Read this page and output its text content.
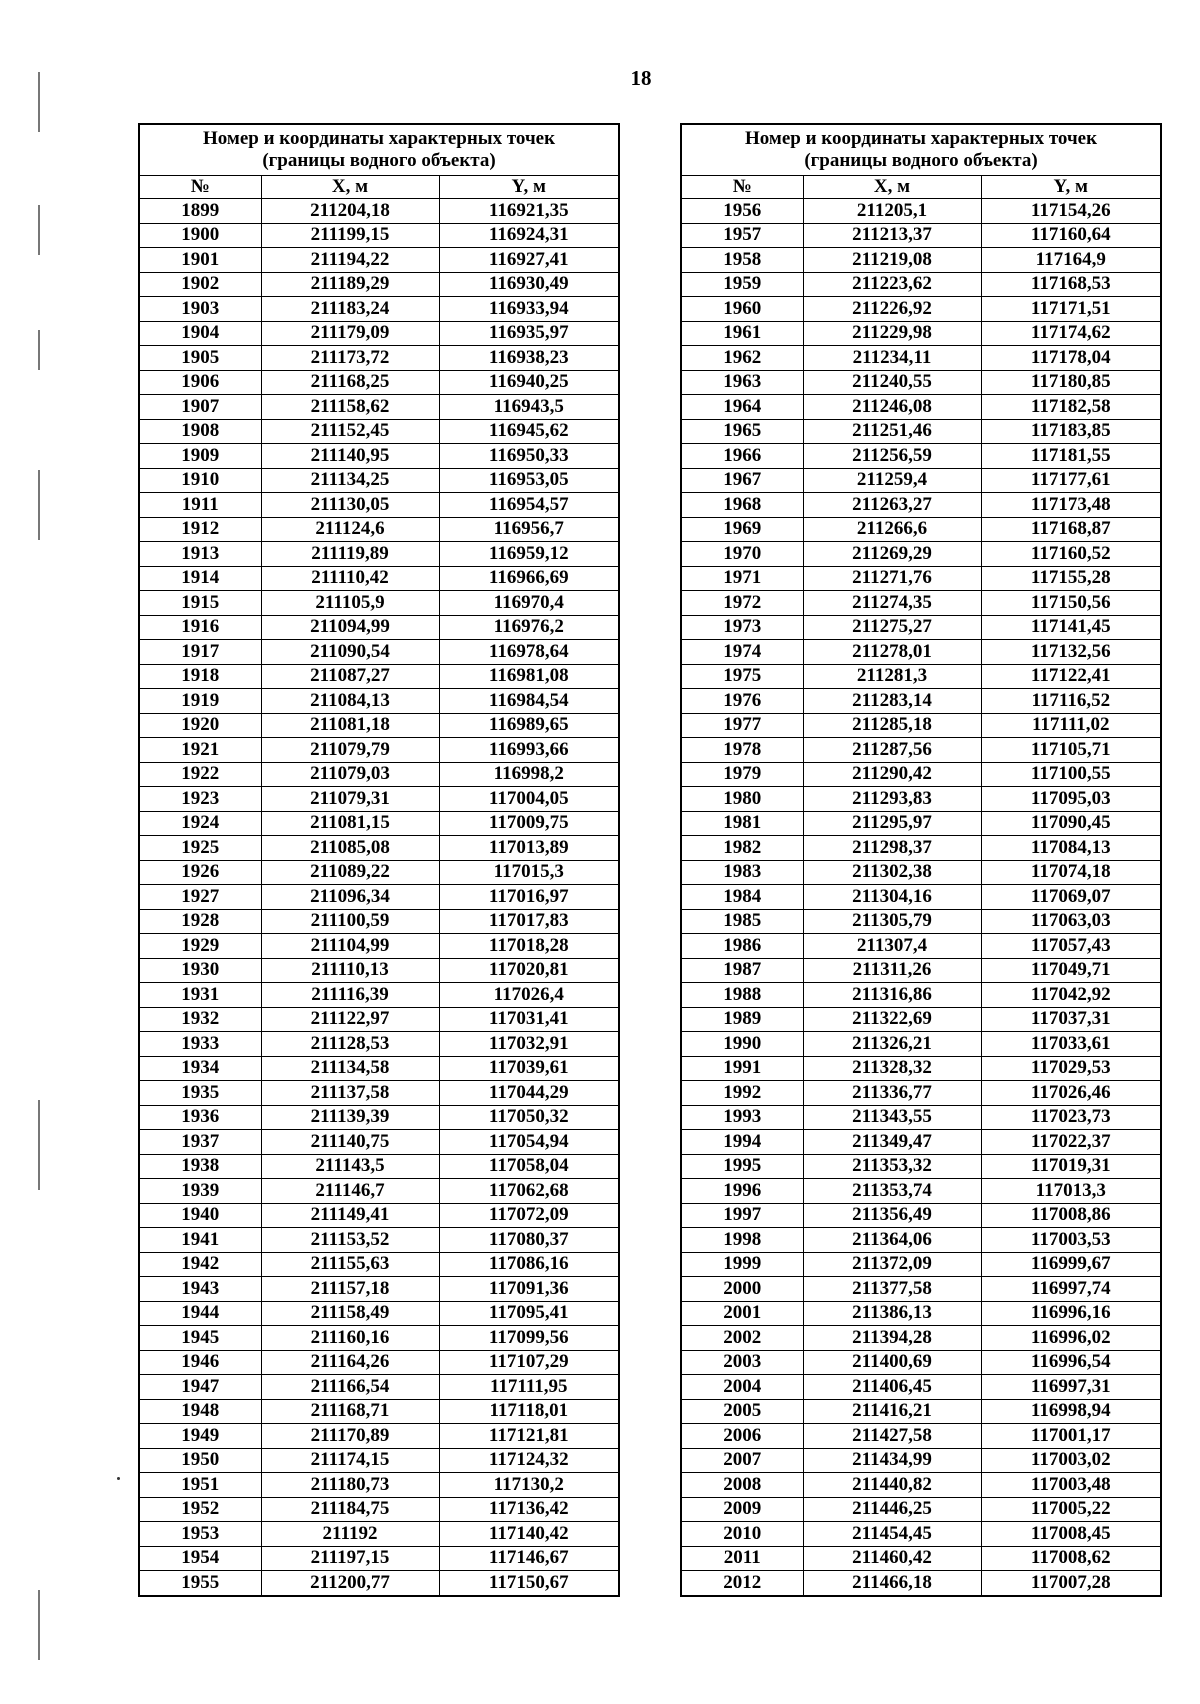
18
Номер и координаты характерных точек
(границы водного объекта)		
№	X, м	Y, м
1899	211204,18	116921,35
1900	211199,15	116924,31
1901	211194,22	116927,41
1902	211189,29	116930,49
1903	211183,24	116933,94
1904	211179,09	116935,97
1905	211173,72	116938,23
1906	211168,25	116940,25
1907	211158,62	116943,5
1908	211152,45	116945,62
1909	211140,95	116950,33
1910	211134,25	116953,05
1911	211130,05	116954,57
1912	211124,6	116956,7
1913	211119,89	116959,12
1914	211110,42	116966,69
1915	211105,9	116970,4
1916	211094,99	116976,2
1917	211090,54	116978,64
1918	211087,27	116981,08
1919	211084,13	116984,54
1920	211081,18	116989,65
1921	211079,79	116993,66
1922	211079,03	116998,2
1923	211079,31	117004,05
1924	211081,15	117009,75
1925	211085,08	117013,89
1926	211089,22	117015,3
1927	211096,34	117016,97
1928	211100,59	117017,83
1929	211104,99	117018,28
1930	211110,13	117020,81
1931	211116,39	117026,4
1932	211122,97	117031,41
1933	211128,53	117032,91
1934	211134,58	117039,61
1935	211137,58	117044,29
1936	211139,39	117050,32
1937	211140,75	117054,94
1938	211143,5	117058,04
1939	211146,7	117062,68
1940	211149,41	117072,09
1941	211153,52	117080,37
1942	211155,63	117086,16
1943	211157,18	117091,36
1944	211158,49	117095,41
1945	211160,16	117099,56
1946	211164,26	117107,29
1947	211166,54	117111,95
1948	211168,71	117118,01
1949	211170,89	117121,81
1950	211174,15	117124,32
1951	211180,73	117130,2
1952	211184,75	117136,42
1953	211192	117140,42
1954	211197,15	117146,67
1955	211200,77	117150,67
Номер и координаты характерных точек
(границы водного объекта)		
№	X, м	Y, м
1956	211205,1	117154,26
1957	211213,37	117160,64
1958	211219,08	117164,9
1959	211223,62	117168,53
1960	211226,92	117171,51
1961	211229,98	117174,62
1962	211234,11	117178,04
1963	211240,55	117180,85
1964	211246,08	117182,58
1965	211251,46	117183,85
1966	211256,59	117181,55
1967	211259,4	117177,61
1968	211263,27	117173,48
1969	211266,6	117168,87
1970	211269,29	117160,52
1971	211271,76	117155,28
1972	211274,35	117150,56
1973	211275,27	117141,45
1974	211278,01	117132,56
1975	211281,3	117122,41
1976	211283,14	117116,52
1977	211285,18	117111,02
1978	211287,56	117105,71
1979	211290,42	117100,55
1980	211293,83	117095,03
1981	211295,97	117090,45
1982	211298,37	117084,13
1983	211302,38	117074,18
1984	211304,16	117069,07
1985	211305,79	117063,03
1986	211307,4	117057,43
1987	211311,26	117049,71
1988	211316,86	117042,92
1989	211322,69	117037,31
1990	211326,21	117033,61
1991	211328,32	117029,53
1992	211336,77	117026,46
1993	211343,55	117023,73
1994	211349,47	117022,37
1995	211353,32	117019,31
1996	211353,74	117013,3
1997	211356,49	117008,86
1998	211364,06	117003,53
1999	211372,09	116999,67
2000	211377,58	116997,74
2001	211386,13	116996,16
2002	211394,28	116996,02
2003	211400,69	116996,54
2004	211406,45	116997,31
2005	211416,21	116998,94
2006	211427,58	117001,17
2007	211434,99	117003,02
2008	211440,82	117003,48
2009	211446,25	117005,22
2010	211454,45	117008,45
2011	211460,42	117008,62
2012	211466,18	117007,28
